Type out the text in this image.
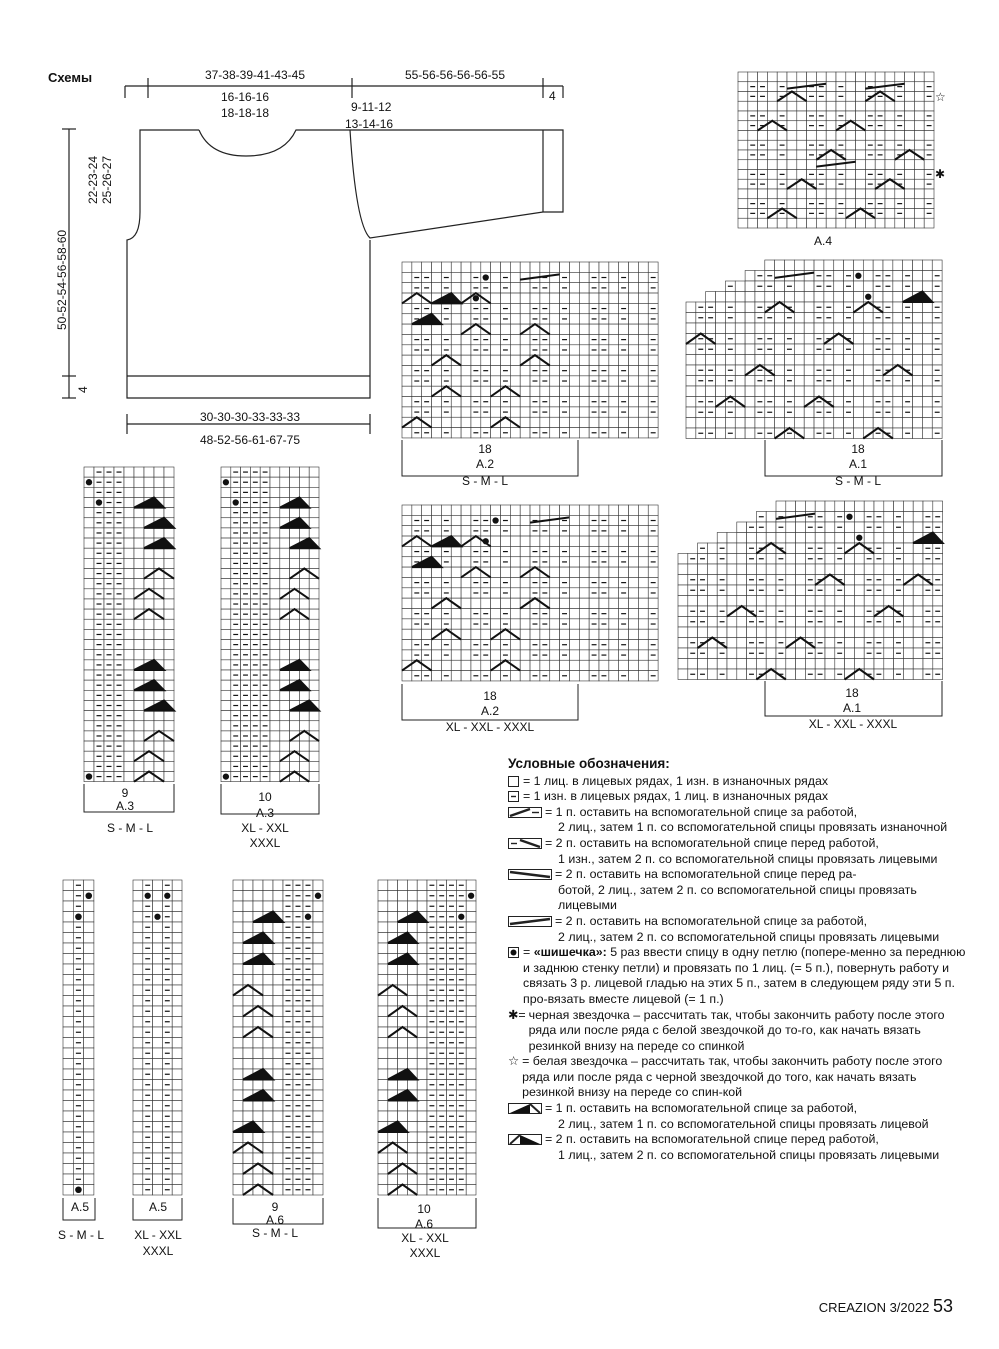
Схемы	37-38-39-41-43-45
16-16-16
18-18-18
55-56-56-56-56-55
4
9-11-12
13-14-16
22-23-24 25-26-27
50-52-54-56-58-60
4
30-30-30-33-33-33
48-52-56-61-67-75
☆
✱
A.4
18
A.2
S - M - L
18
A.1
S - M - L
18
A.2
XL - XXL - XXXL
18
A.1
XL - XXL - XXXL
9
A.3
S - M - L
10
A.3
XL - XXL
XXXL
A.5
S - M - L
A.5
XL - XXL
XXXL
9
A.6
S - M - L
10
A.6
XL - XXL
XXXL
Условные обозначения:
= 1 лиц. в лицевых рядах, 1 изн. в изнаночных рядах
= 1 изн. в лицевых рядах, 1 лиц. в изнаночных рядах
= 1 п. оставить на вспомогательной спице за работой,
2 лиц., затем 1 п. со вспомогательной спицы провязать изнаночной
= 2 п. оставить на вспомогательной спице перед работой,
1 изн., затем 2 п. со вспомогательной спицы провязать лицевыми
= 2 п. оставить на вспомогательной спице перед ра-
ботой, 2 лиц., затем 2 п. со вспомогательной спицы провязать лицевыми
= 2 п. оставить на вспомогательной спице за работой,
2 лиц., затем 2 п. со вспомогательной спицы провязать лицевыми
= «шишечка»: 5 раз ввести спицу в одну петлю (попере-менно за переднюю и заднюю стенку петли) и провязать по 1 лиц. (= 5 п.), повернуть работу и связать 3 р. лицевой гладью на этих 5 п., затем в следующем ряду эти 5 п. про-вязать вместе лицевой (= 1 п.)
✱= черная звездочка – рассчитать так, чтобы закончить работу после этого ряда или после ряда с белой звездочкой до то-го, как начать вязать резинкой внизу на переде со спинкой
☆ = белая звездочка – рассчитать так, чтобы закончить работу после этого ряда или после ряда с черной звездочкой до того, как начать вязать резинкой внизу на переде со спин-кой
= 1 п. оставить на вспомогательной спице за работой,
2 лиц., затем 1 п. со вспомогательной спицы провязать лицевой
= 2 п. оставить на вспомогательной спице перед работой,
1 лиц., затем 2 п. со вспомогательной спицы провязать лицевыми
CREAZION 3/2022 53
